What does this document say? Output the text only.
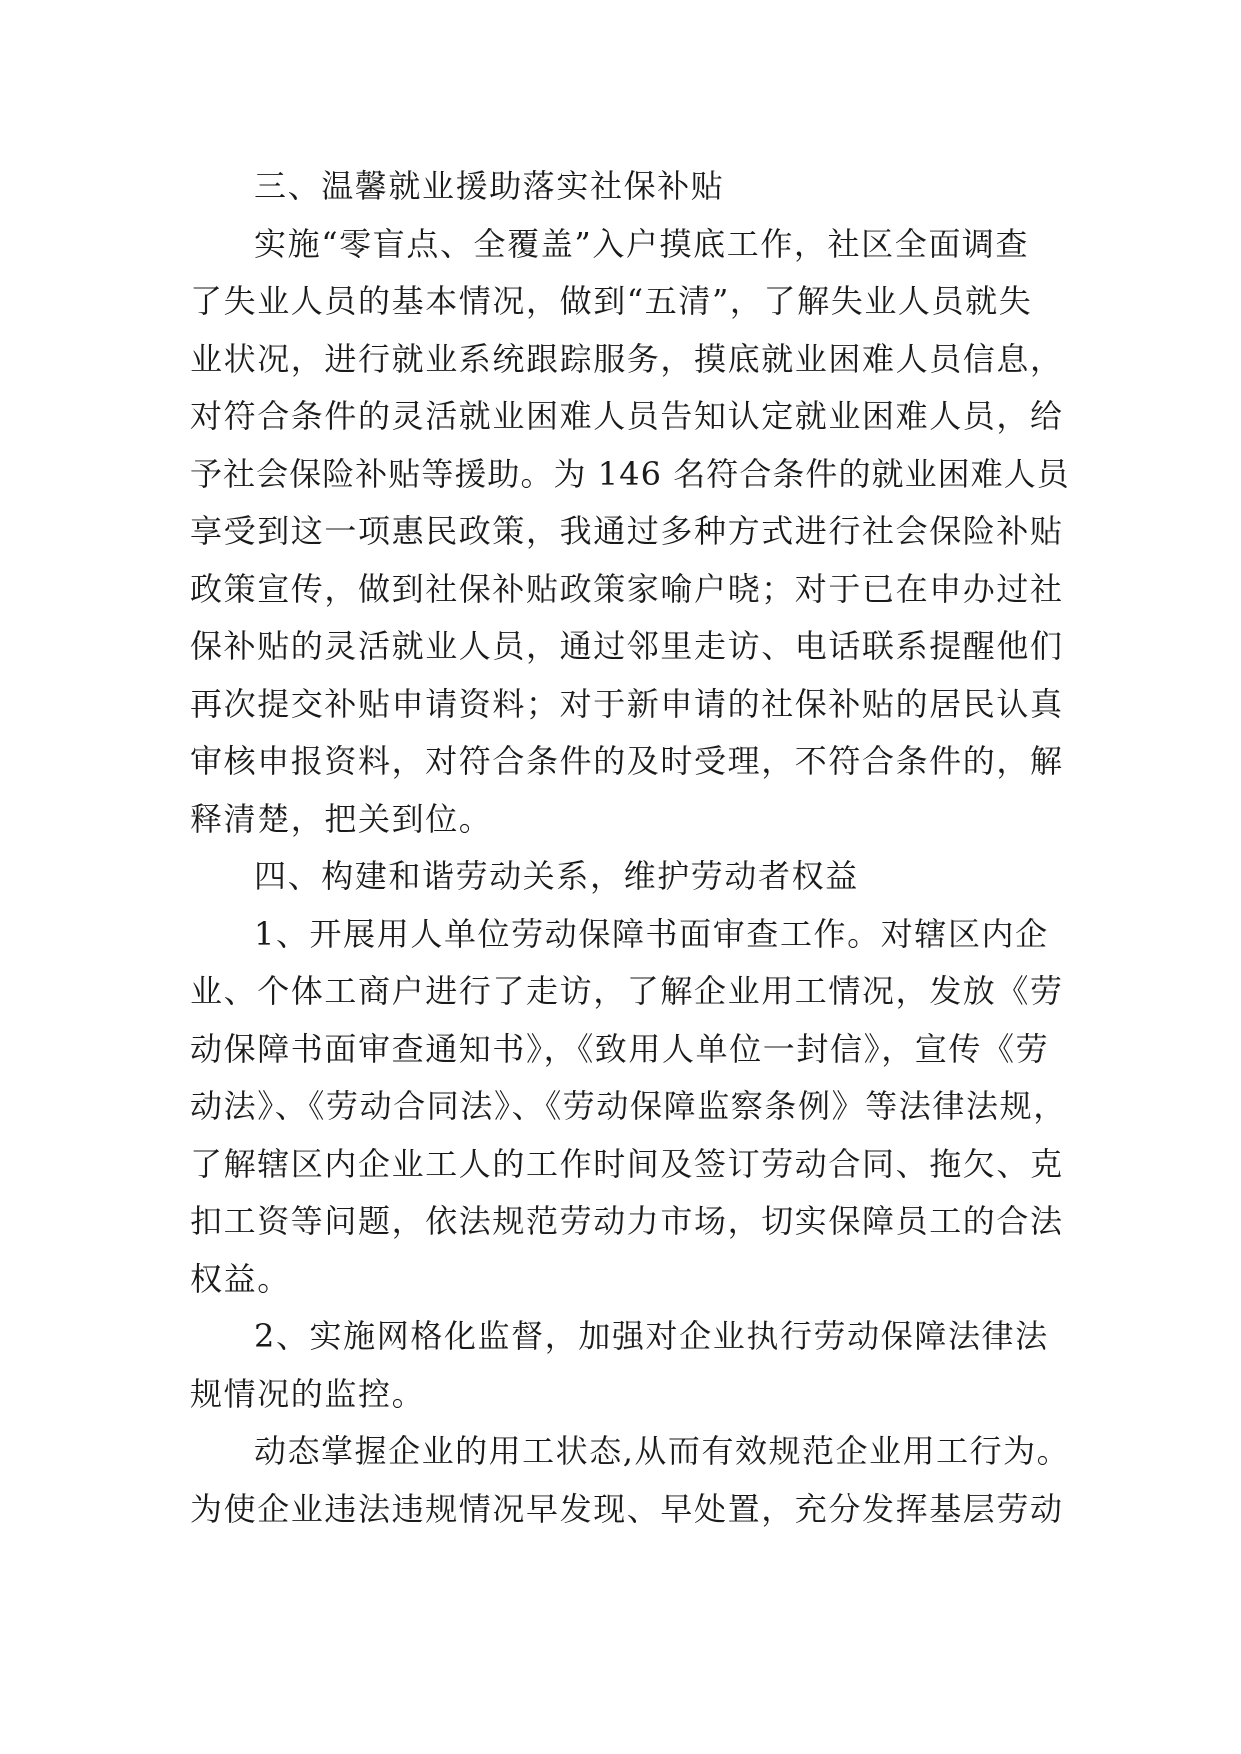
三、温馨就业援助落实社保补贴
实施“零盲点、全覆盖”入户摸底工作，社区全面调查
了失业人员的基本情况，做到“五清”，了解失业人员就失
业状况，进行就业系统跟踪服务，摸底就业困难人员信息，
对符合条件的灵活就业困难人员告知认定就业困难人员，给
予社会保险补贴等援助。为 146 名符合条件的就业困难人员
享受到这一项惠民政策，我通过多种方式进行社会保险补贴
政策宣传，做到社保补贴政策家喻户晓；对于已在申办过社
保补贴的灵活就业人员，通过邻里走访、电话联系提醒他们
再次提交补贴申请资料；对于新申请的社保补贴的居民认真
审核申报资料，对符合条件的及时受理，不符合条件的，解
释清楚，把关到位。
四、构建和谐劳动关系，维护劳动者权益
1、开展用人单位劳动保障书面审查工作。对辖区内企
业、个体工商户进行了走访，了解企业用工情况，发放《劳
动保障书面审查通知书》，《致用人单位一封信》，宣传《劳
动法》、《劳动合同法》、《劳动保障监察条例》等法律法规，
了解辖区内企业工人的工作时间及签订劳动合同、拖欠、克
扣工资等问题，依法规范劳动力市场，切实保障员工的合法
权益。
2、实施网格化监督，加强对企业执行劳动保障法律法
规情况的监控。
动态掌握企业的用工状态,从而有效规范企业用工行为。
为使企业违法违规情况早发现、早处置，充分发挥基层劳动
